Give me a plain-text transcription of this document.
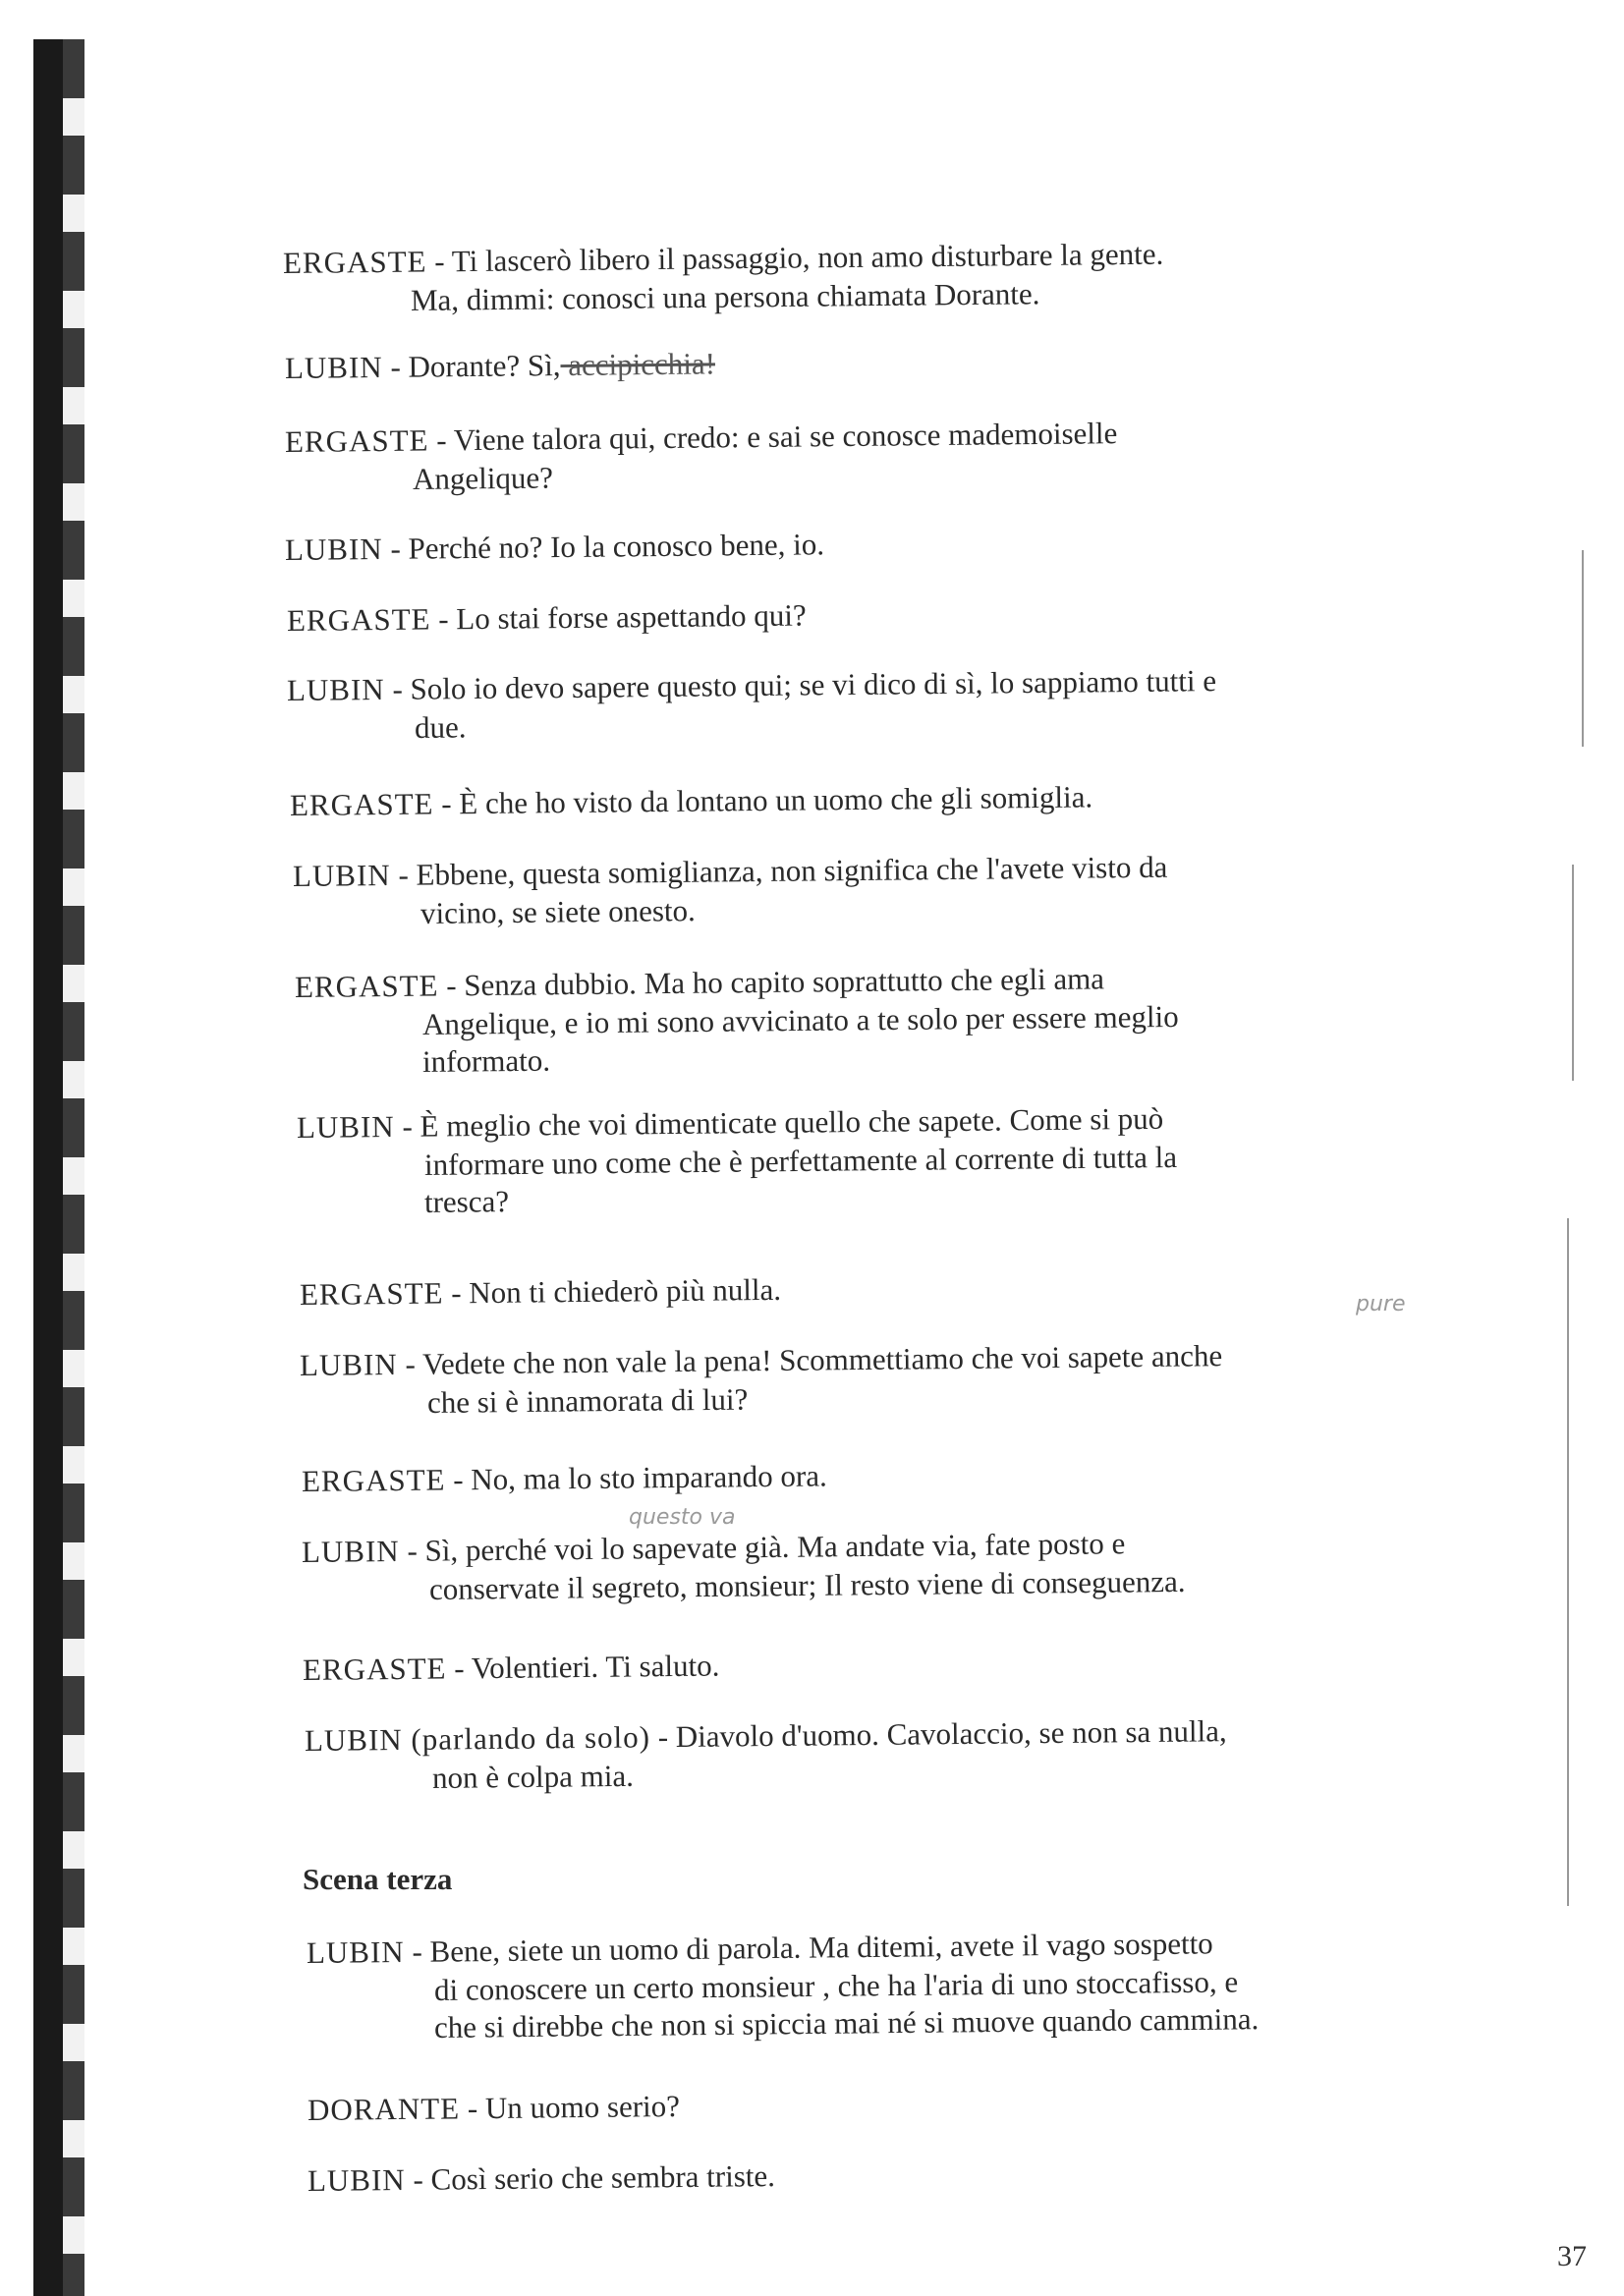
ERGASTE - Ti lascerò libero il passaggio, non amo disturbare la gente.
Ma, dimmi: conosci una persona chiamata Dorante.
LUBIN - Dorante? Sì, accipicchia!
ERGASTE - Viene talora qui, credo: e sai se conosce mademoiselle
Angelique?
LUBIN - Perché no? Io la conosco bene, io.
ERGASTE - Lo stai forse aspettando qui?
LUBIN - Solo io devo sapere questo qui; se vi dico di sì, lo sappiamo tutti e
due.
ERGASTE - È che ho visto da lontano un uomo che gli somiglia.
LUBIN - Ebbene, questa somiglianza, non significa che l'avete visto da
vicino, se siete onesto.
ERGASTE - Senza dubbio. Ma ho capito soprattutto che egli ama
Angelique, e io mi sono avvicinato a te solo per essere meglio
informato.
LUBIN - È meglio che voi dimenticate quello che sapete. Come si può
informare uno come che è perfettamente al corrente di tutta la
tresca?
ERGASTE - Non ti chiederò più nulla.
LUBIN - Vedete che non vale la pena! Scommettiamo che voi sapete anche
che si è innamorata di lui?
ERGASTE - No, ma lo sto imparando ora.
LUBIN - Sì, perché voi lo sapevate già. Ma andate via, fate posto e
conservate il segreto, monsieur; Il resto viene di conseguenza.
ERGASTE - Volentieri. Ti saluto.
LUBIN (parlando da solo) - Diavolo d'uomo. Cavolaccio, se non sa nulla,
non è colpa mia.
LUBIN - Bene, siete un uomo di parola. Ma ditemi, avete il vago sospetto
di conoscere un certo monsieur , che ha l'aria di uno stoccafisso, e
che si direbbe che non si spiccia mai né si muove quando cammina.
DORANTE - Un uomo serio?
LUBIN - Così serio che sembra triste.
Scena terza
pure
questo va
37
